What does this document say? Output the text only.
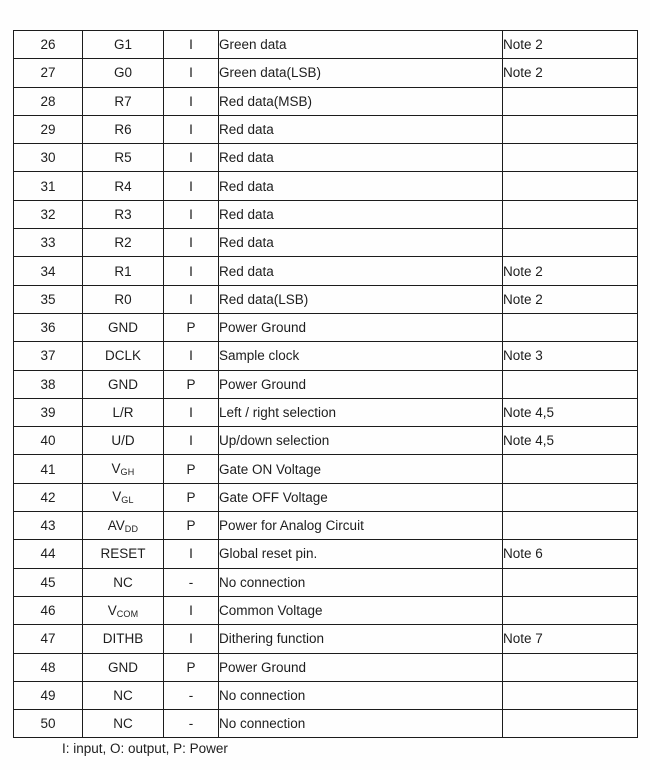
26	G1	I	Green data	Note 2
27	G0	I	Green data(LSB)	Note 2
28	R7	I	Red data(MSB)	
29	R6	I	Red data	
30	R5	I	Red data	
31	R4	I	Red data	
32	R3	I	Red data	
33	R2	I	Red data	
34	R1	I	Red data	Note 2
35	R0	I	Red data(LSB)	Note 2
36	GND	P	Power Ground	
37	DCLK	I	Sample clock	Note 3
38	GND	P	Power Ground	
39	L/R	I	Left / right selection	Note 4,5
40	U/D	I	Up/down selection	Note 4,5
41	$V_{GH}$	P	Gate ON Voltage	
42	$V_{GL}$	P	Gate OFF Voltage	
43	$AV_{DD}$	P	Power for Analog Circuit	
44	RESET	I	Global reset pin.	Note 6
45	NC	-	No connection	
46	$V_{COM}$	I	Common Voltage	
47	DITHB	I	Dithering function	Note 7
48	GND	P	Power Ground	
49	NC	-	No connection	
50	NC	-	No connection	
I: input, O: output, P: Power
